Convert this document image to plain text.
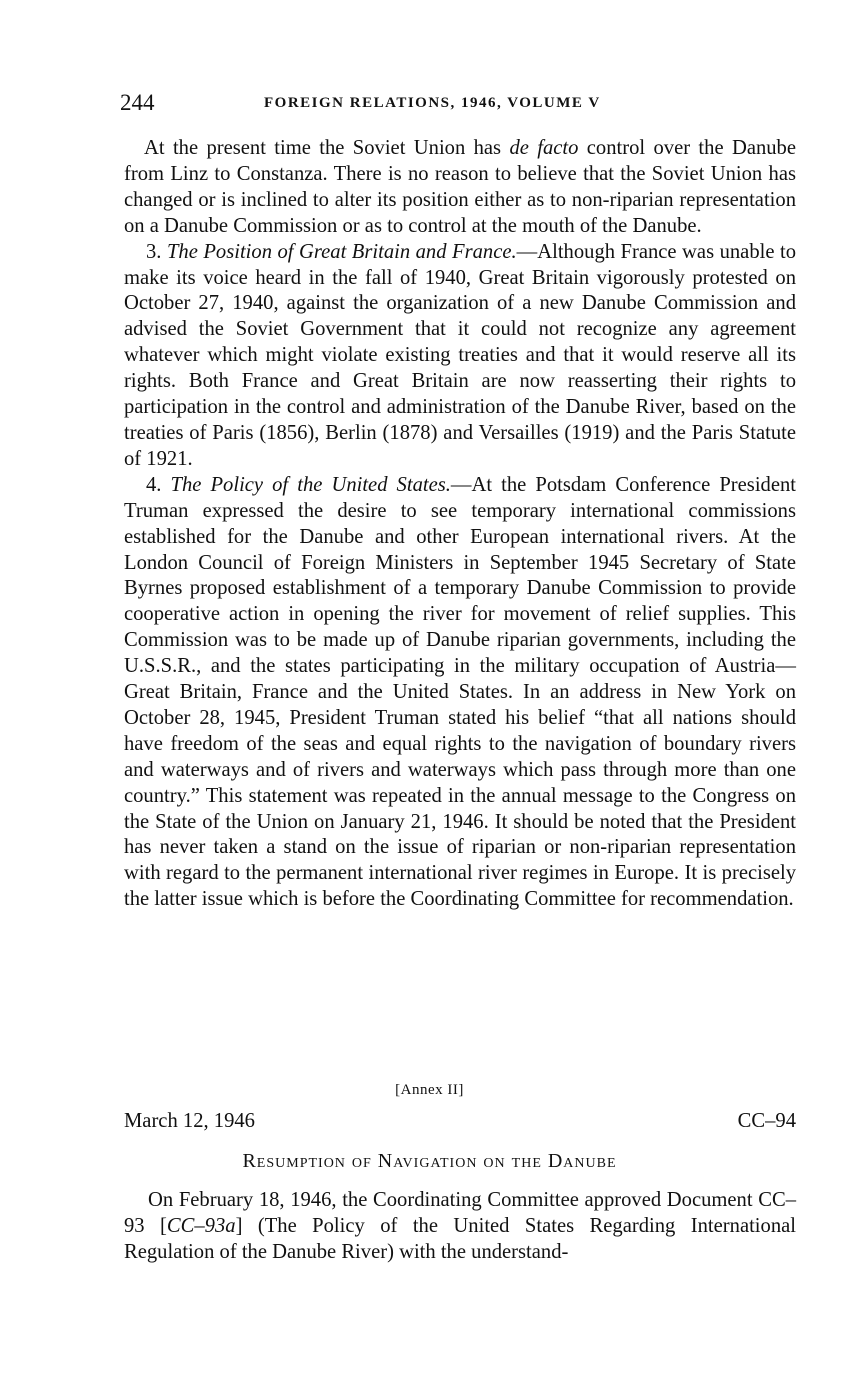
244	FOREIGN RELATIONS, 1946, VOLUME V

At the present time the Soviet Union has de facto control over the Danube from Linz to Constanza. There is no reason to believe that the Soviet Union has changed or is inclined to alter its position either as to non-riparian representation on a Danube Commission or as to control at the mouth of the Danube.

3. The Position of Great Britain and France.—Although France was unable to make its voice heard in the fall of 1940, Great Britain vigorously protested on October 27, 1940, against the organization of a new Danube Commission and advised the Soviet Government that it could not recognize any agreement whatever which might violate existing treaties and that it would reserve all its rights. Both France and Great Britain are now reasserting their rights to participation in the control and administration of the Danube River, based on the treaties of Paris (1856), Berlin (1878) and Versailles (1919) and the Paris Statute of 1921.

4. The Policy of the United States.—At the Potsdam Conference President Truman expressed the desire to see temporary international commissions established for the Danube and other European international rivers. At the London Council of Foreign Ministers in September 1945 Secretary of State Byrnes proposed establishment of a temporary Danube Commission to provide cooperative action in opening the river for movement of relief supplies. This Commission was to be made up of Danube riparian governments, including the U.S.S.R., and the states participating in the military occupation of Austria—Great Britain, France and the United States. In an address in New York on October 28, 1945, President Truman stated his belief “that all nations should have freedom of the seas and equal rights to the navigation of boundary rivers and waterways and of rivers and waterways which pass through more than one country.” This statement was repeated in the annual message to the Congress on the State of the Union on January 21, 1946. It should be noted that the President has never taken a stand on the issue of riparian or non-riparian representation with regard to the permanent international river regimes in Europe. It is precisely the latter issue which is before the Coordinating Committee for recommendation.

[Annex II]
March 12, 1946	CC–94
Resumption of Navigation on the Danube

On February 18, 1946, the Coordinating Committee approved Document CC–93 [CC–93a] (The Policy of the United States Regarding International Regulation of the Danube River) with the understand-
